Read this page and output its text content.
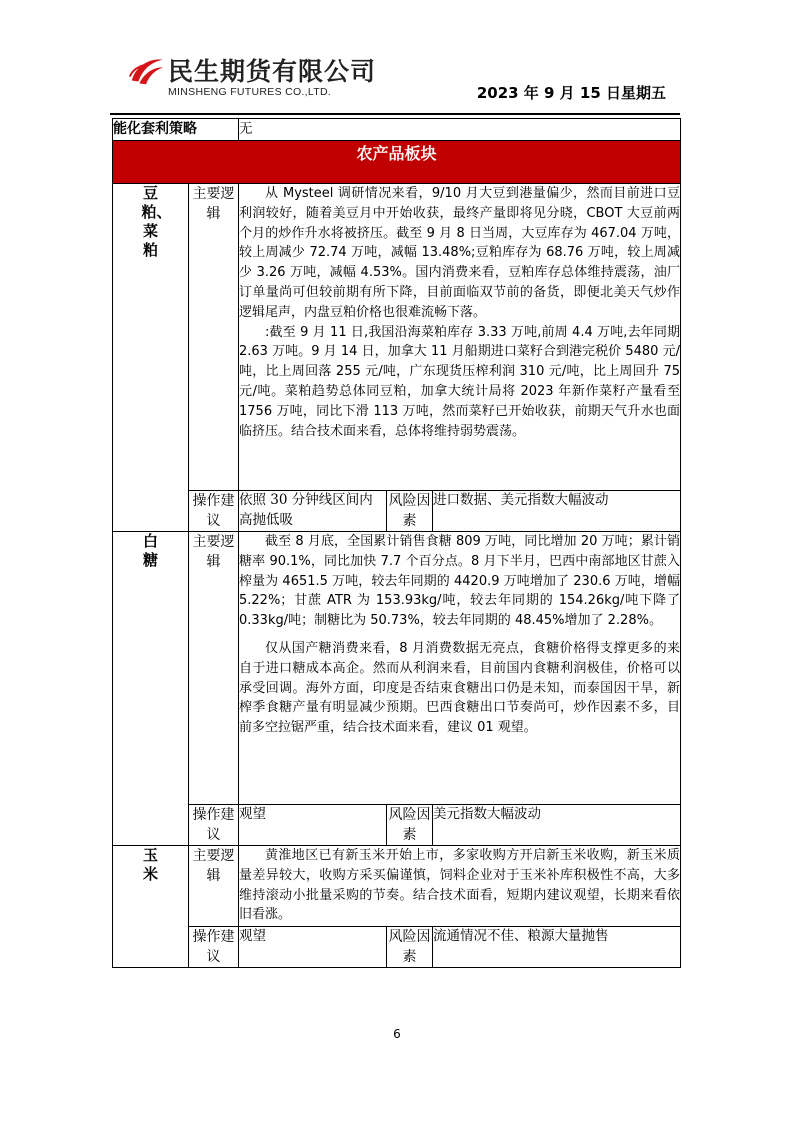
民生期货有限公司
MINSHENG FUTURES CO.,LTD.	2023 年 9 月 15 日星期五
能化套利策略		无		
农产品板块				
豆粕、菜粕	主要逻辑	从 Mysteel 调研情况来看，9/10 月大豆到港量偏少，然而目前进口豆利润较好，随着美豆月中开始收获，最终产量即将见分晓，CBOT 大豆前两个月的炒作升水将被挤压。截至 9 月 8 日当周，大豆库存为 467.04 万吨，较上周减少 72.74 万吨，减幅 13.48%;豆粕库存为 68.76 万吨，较上周减少 3.26 万吨，减幅 4.53%。国内消费来看，豆粕库存总体维持震荡，油厂订单量尚可但较前期有所下降，目前面临双节前的备货，即便北美天气炒作逻辑尾声，内盘豆粕价格也很难流畅下落。

:截至 9 月 11 日,我国沿海菜粕库存 3.33 万吨,前周 4.4 万吨,去年同期 2.63 万吨。9 月 14 日，加拿大 11 月船期进口菜籽合到港完税价 5480 元/吨，比上周回落 255 元/吨，广东现货压榨利润 310 元/吨，比上周回升 75 元/吨。菜粕趋势总体同豆粕，加拿大统计局将 2023 年新作菜籽产量看至 1756 万吨，同比下滑 113 万吨，然而菜籽已开始收获，前期天气升水也面临挤压。结合技术面来看，总体将维持弱势震荡。		

	操作建议	依照 30 分钟线区间内高抛低吸	风险因素	进口数据、美元指数大幅波动
白糖	主要逻辑	截至 8 月底，全国累计销售食糖 809 万吨，同比增加 20 万吨；累计销糖率 90.1%，同比加快 7.7 个百分点。8 月下半月，巴西中南部地区甘蔗入榨量为 4651.5 万吨，较去年同期的 4420.9 万吨增加了 230.6 万吨，增幅 5.22%；甘蔗 ATR 为 153.93kg/吨，较去年同期的 154.26kg/吨下降了 0.33kg/吨；制糖比为 50.73%，较去年同期的 48.45%增加了 2.28%。

仅从国产糖消费来看，8 月消费数据无亮点，食糖价格得支撑更多的来自于进口糖成本高企。然而从利润来看，目前国内食糖利润极佳，价格可以承受回调。海外方面，印度是否结束食糖出口仍是未知，而泰国因干旱，新榨季食糖产量有明显减少预期。巴西食糖出口节奏尚可，炒作因素不多，目前多空拉锯严重，结合技术面来看，建议 01 观望。		

	操作建议	观望	风险因素	美元指数大幅波动
玉米	主要逻辑	黄淮地区已有新玉米开始上市，多家收购方开启新玉米收购，新玉米质量差异较大，收购方采买偏谨慎，饲料企业对于玉米补库积极性不高，大多维持滚动小批量采购的节奏。结合技术面看，短期内建议观望，长期来看依旧看涨。		

	操作建议	观望	风险因素	流通情况不佳、粮源大量抛售
6
